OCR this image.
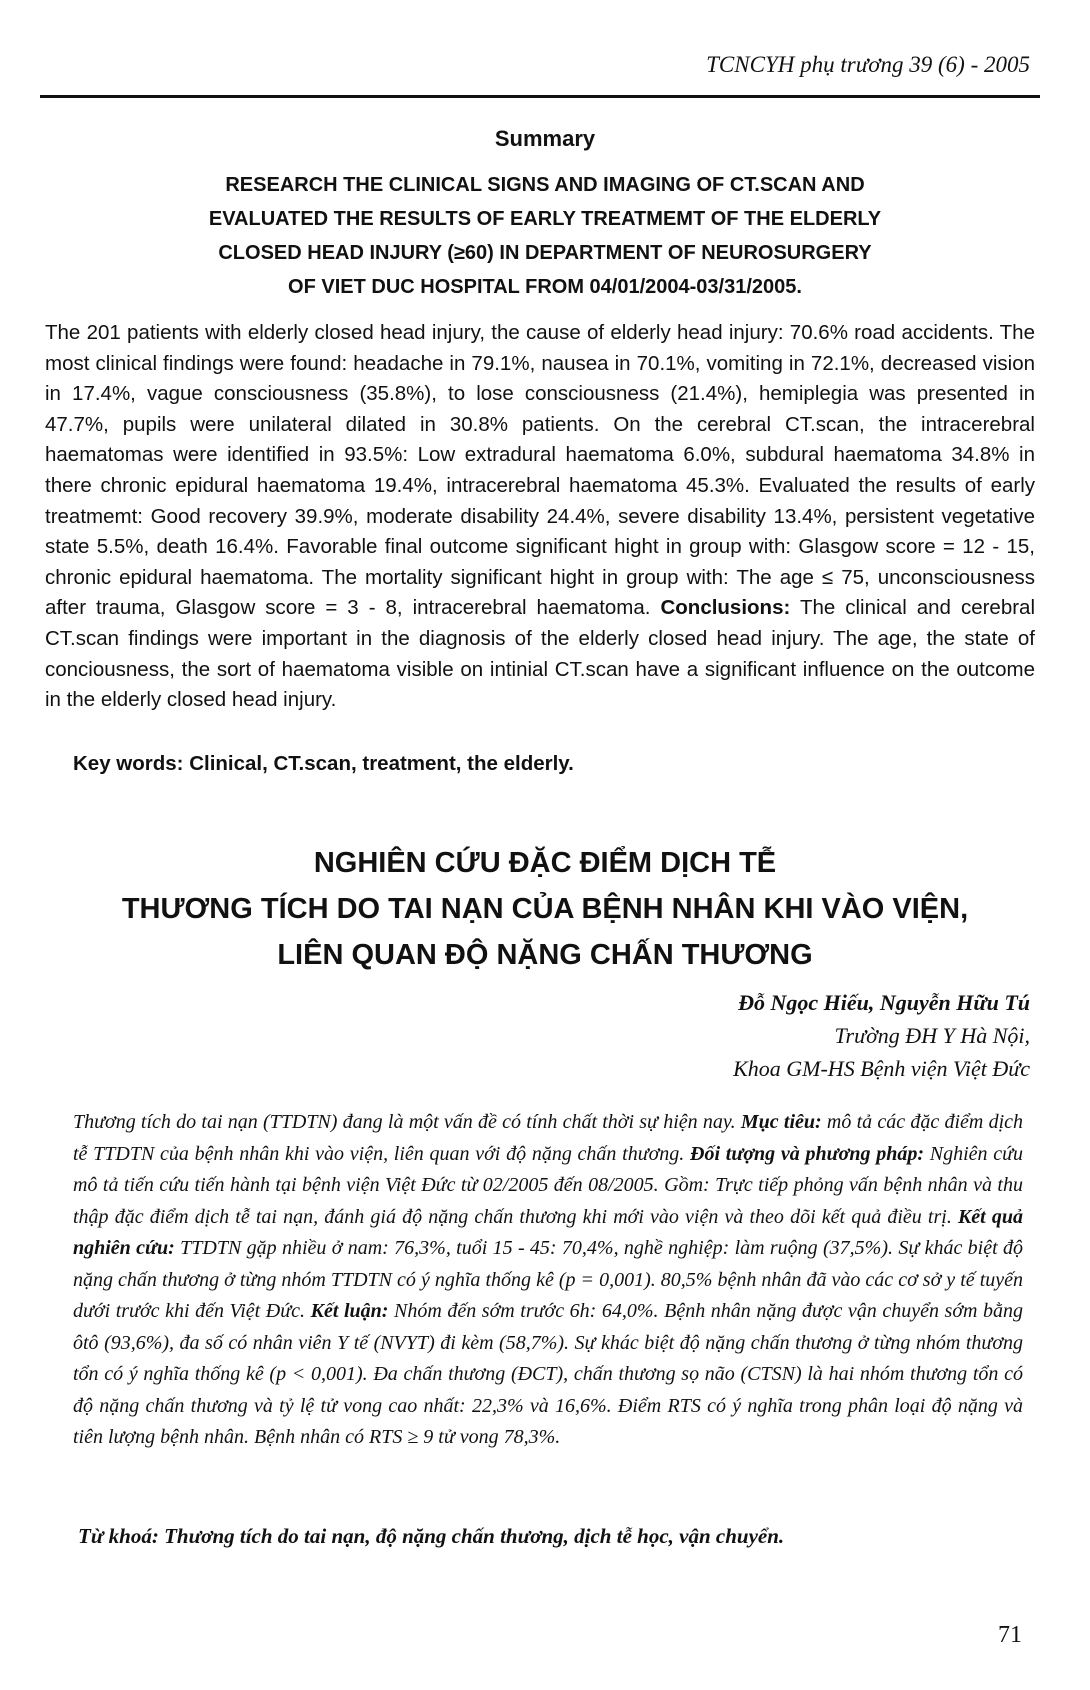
TCNCYH phụ trương 39 (6) - 2005
Summary
RESEARCH THE CLINICAL SIGNS AND IMAGING OF CT.SCAN AND
EVALUATED THE RESULTS OF EARLY TREATMEMT OF THE ELDERLY
CLOSED HEAD INJURY (≥60) IN DEPARTMENT OF NEUROSURGERY
OF VIET DUC HOSPITAL FROM 04/01/2004-03/31/2005.
The 201 patients with elderly closed head injury, the cause of elderly head injury: 70.6% road accidents. The most clinical findings were found: headache in 79.1%, nausea in 70.1%, vomiting in 72.1%, decreased vision in 17.4%, vague consciousness (35.8%), to lose consciousness (21.4%), hemiplegia was presented in 47.7%, pupils were unilateral dilated in 30.8% patients. On the cerebral CT.scan, the intracerebral haematomas were identified in 93.5%: Low extradural haematoma 6.0%, subdural haematoma 34.8% in there chronic epidural haematoma 19.4%, intracerebral haematoma 45.3%. Evaluated the results of early treatmemt: Good recovery 39.9%, moderate disability 24.4%, severe disability 13.4%, persistent vegetative state 5.5%, death 16.4%. Favorable final outcome significant hight in group with: Glasgow score = 12 - 15, chronic epidural haematoma. The mortality significant hight in group with: The age ≤ 75, unconsciousness after trauma, Glasgow score = 3 - 8, intracerebral haematoma. Conclusions: The clinical and cerebral CT.scan findings were important in the diagnosis of the elderly closed head injury. The age, the state of conciousness, the sort of haematoma visible on intinial CT.scan have a significant influence on the outcome in the elderly closed head injury.
Key words: Clinical, CT.scan, treatment, the elderly.
NGHIÊN CỨU ĐẶC ĐIỂM DỊCH TỄ
THƯƠNG TÍCH DO TAI NẠN CỦA BỆNH NHÂN KHI VÀO VIỆN,
LIÊN QUAN ĐỘ NẶNG CHẤN THƯƠNG
Đỗ Ngọc Hiếu, Nguyễn Hữu Tú
Trường ĐH Y Hà Nội,
Khoa GM-HS Bệnh viện Việt Đức
Thương tích do tai nạn (TTDTN) đang là một vấn đề có tính chất thời sự hiện nay. Mục tiêu: mô tả các đặc điểm dịch tễ TTDTN của bệnh nhân khi vào viện, liên quan với độ nặng chấn thương. Đối tượng và phương pháp: Nghiên cứu mô tả tiến cứu tiến hành tại bệnh viện Việt Đức từ 02/2005 đến 08/2005. Gồm: Trực tiếp phỏng vấn bệnh nhân và thu thập đặc điểm dịch tễ tai nạn, đánh giá độ nặng chấn thương khi mới vào viện và theo dõi kết quả điều trị. Kết quả nghiên cứu: TTDTN gặp nhiều ở nam: 76,3%, tuổi 15 - 45: 70,4%, nghề nghiệp: làm ruộng (37,5%). Sự khác biệt độ nặng chấn thương ở từng nhóm TTDTN có ý nghĩa thống kê (p = 0,001). 80,5% bệnh nhân đã vào các cơ sở y tế tuyến dưới trước khi đến Việt Đức. Kết luận: Nhóm đến sớm trước 6h: 64,0%. Bệnh nhân nặng được vận chuyển sớm bằng ôtô (93,6%), đa số có nhân viên Y tế (NVYT) đi kèm (58,7%). Sự khác biệt độ nặng chấn thương ở từng nhóm thương tổn có ý nghĩa thống kê (p < 0,001). Đa chấn thương (ĐCT), chấn thương sọ não (CTSN) là hai nhóm thương tổn có độ nặng chấn thương và tỷ lệ tử vong cao nhất: 22,3% và 16,6%. Điểm RTS có ý nghĩa trong phân loại độ nặng và tiên lượng bệnh nhân. Bệnh nhân có RTS ≥ 9 tử vong 78,3%.
Từ khoá: Thương tích do tai nạn, độ nặng chấn thương, dịch tễ học, vận chuyển.
71
